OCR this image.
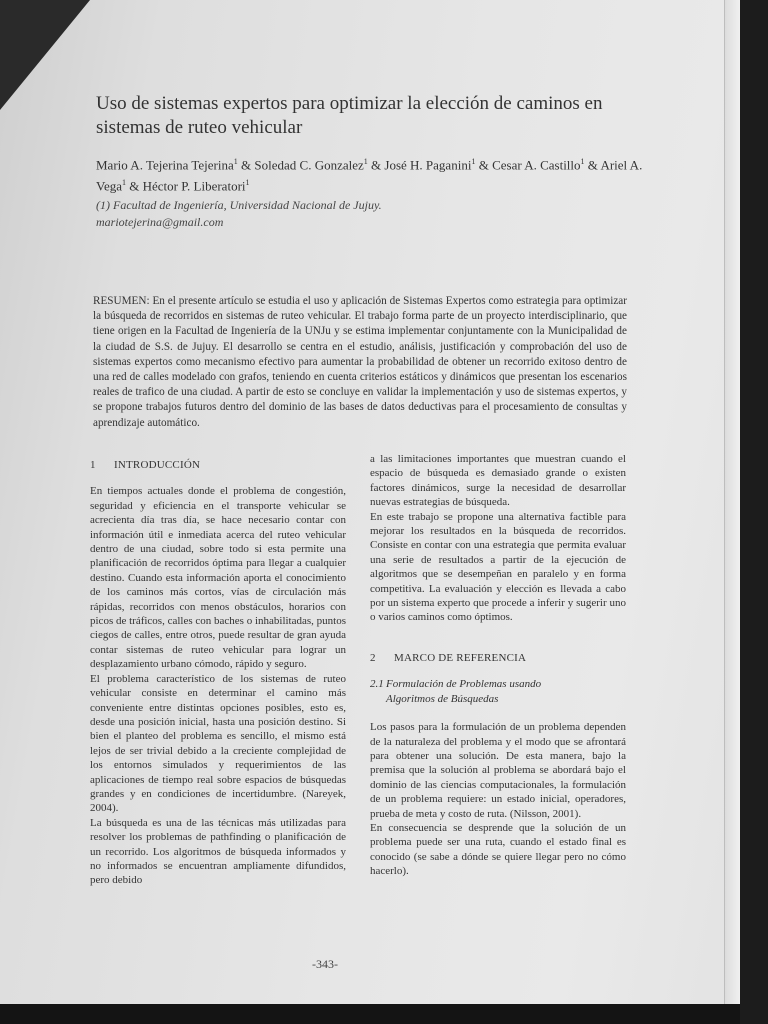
Uso de sistemas expertos para optimizar la elección de caminos en sistemas de ruteo vehicular
Mario A. Tejerina Tejerina$^1$ & Soledad C. Gonzalez$^1$ & José H. Paganini$^1$ & Cesar A. Castillo$^1$ & Ariel A. Vega$^1$ & Héctor P. Liberatori$^1$
(1) Facultad de Ingeniería, Universidad Nacional de Jujuy.
mariotejerina@gmail.com
RESUMEN: En el presente artículo se estudia el uso y aplicación de Sistemas Expertos como estrategia para optimizar la búsqueda de recorridos en sistemas de ruteo vehicular. El trabajo forma parte de un proyecto interdisciplinario, que tiene origen en la Facultad de Ingeniería de la UNJu y se estima implementar conjuntamente con la Municipalidad de la ciudad de S.S. de Jujuy. El desarrollo se centra en el estudio, análisis, justificación y comprobación del uso de sistemas expertos como mecanismo efectivo para aumentar la probabilidad de obtener un recorrido exitoso dentro de una red de calles modelado con grafos, teniendo en cuenta criterios estáticos y dinámicos que presentan los escenarios reales de trafico de una ciudad. A partir de esto se concluye en validar la implementación y uso de sistemas expertos, y se propone trabajos futuros dentro del dominio de las bases de datos deductivas para el procesamiento de consultas y aprendizaje automático.
1 INTRODUCCIÓN

En tiempos actuales donde el problema de congestión, seguridad y eficiencia en el transporte vehicular se acrecienta día tras día, se hace necesario contar con información útil e inmediata acerca del ruteo vehicular dentro de una ciudad, sobre todo si esta permite una planificación de recorridos óptima para llegar a cualquier destino. Cuando esta información aporta el conocimiento de los caminos más cortos, vías de circulación más rápidas, recorridos con menos obstáculos, horarios con picos de tráficos, calles con baches o inhabilitadas, puntos ciegos de calles, entre otros, puede resultar de gran ayuda contar sistemas de ruteo vehicular para lograr un desplazamiento urbano cómodo, rápido y seguro.

El problema característico de los sistemas de ruteo vehicular consiste en determinar el camino más conveniente entre distintas opciones posibles, esto es, desde una posición inicial, hasta una posición destino. Si bien el planteo del problema es sencillo, el mismo está lejos de ser trivial debido a la creciente complejidad de los entornos simulados y requerimientos de las aplicaciones de tiempo real sobre espacios de búsquedas grandes y en condiciones de incertidumbre. (Nareyek, 2004).

La búsqueda es una de las técnicas más utilizadas para resolver los problemas de pathfinding o planificación de un recorrido. Los algoritmos de búsqueda informados y no informados se encuentran ampliamente difundidos, pero debido

a las limitaciones importantes que muestran cuando el espacio de búsqueda es demasiado grande o existen factores dinámicos, surge la necesidad de desarrollar nuevas estrategias de búsqueda.

En este trabajo se propone una alternativa factible para mejorar los resultados en la búsqueda de recorridos. Consiste en contar con una estrategia que permita evaluar una serie de resultados a partir de la ejecución de algoritmos que se desempeñan en paralelo y en forma competitiva. La evaluación y elección es llevada a cabo por un sistema experto que procede a inferir y sugerir uno o varios caminos como óptimos.

2 MARCO DE REFERENCIA
2.1 Formulación de Problemas usando
Algoritmos de Búsquedas

Los pasos para la formulación de un problema dependen de la naturaleza del problema y el modo que se afrontará para obtener una solución. De esta manera, bajo la premisa que la solución al problema se abordará bajo el dominio de las ciencias computacionales, la formulación de un problema requiere: un estado inicial, operadores, prueba de meta y costo de ruta. (Nilsson, 2001).

En consecuencia se desprende que la solución de un problema puede ser una ruta, cuando el estado final es conocido (se sabe a dónde se quiere llegar pero no cómo hacerlo).

-343-
